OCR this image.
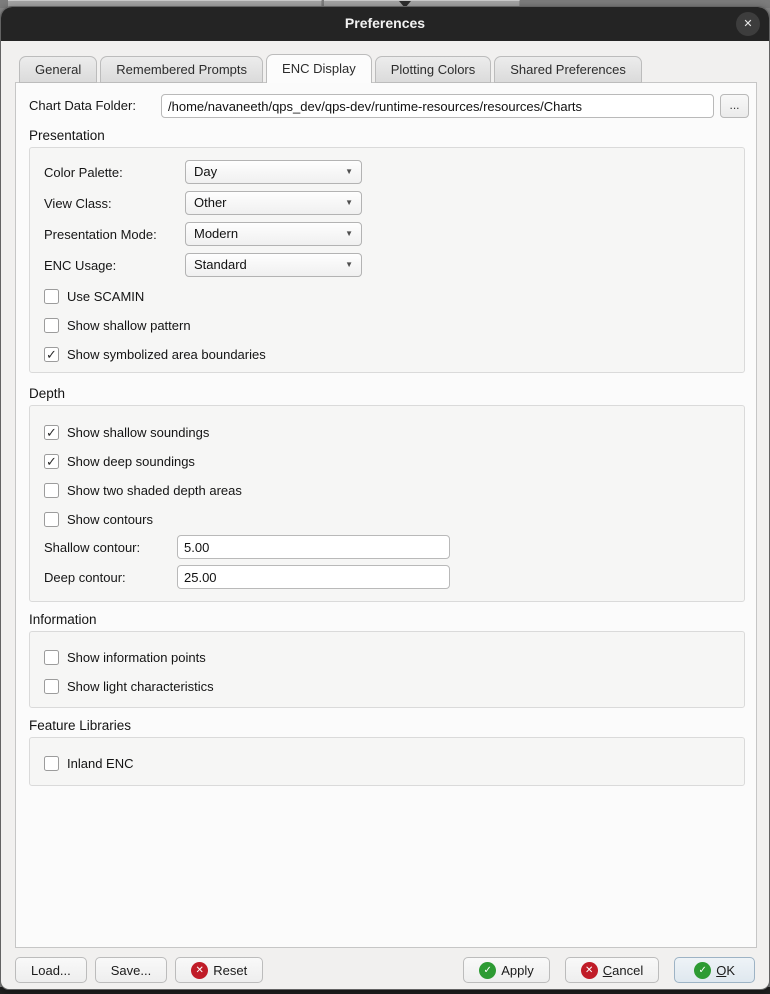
Preferences	✕
General	Remembered Prompts	ENC Display	Plotting Colors	Shared Preferences
Chart Data Folder:
/home/navaneeth/qps_dev/qps-dev/runtime-resources/resources/Charts	...
Presentation
Color Palette:	Day	▼
View Class:	Other	▼
Presentation Mode:	Modern	▼
ENC Usage:	Standard	▼
Use SCAMIN
Show shallow pattern
✓ Show symbolized area boundaries
Depth
✓ Show shallow soundings
✓ Show deep soundings
Show two shaded depth areas
Show contours
Shallow contour:
5.00
Deep contour:
25.00
Information
Show information points
Show light characteristics
Feature Libraries
Inland ENC
Load...	Save...	✕ Reset	✓ Apply	✕ Cancel	✓ OK
